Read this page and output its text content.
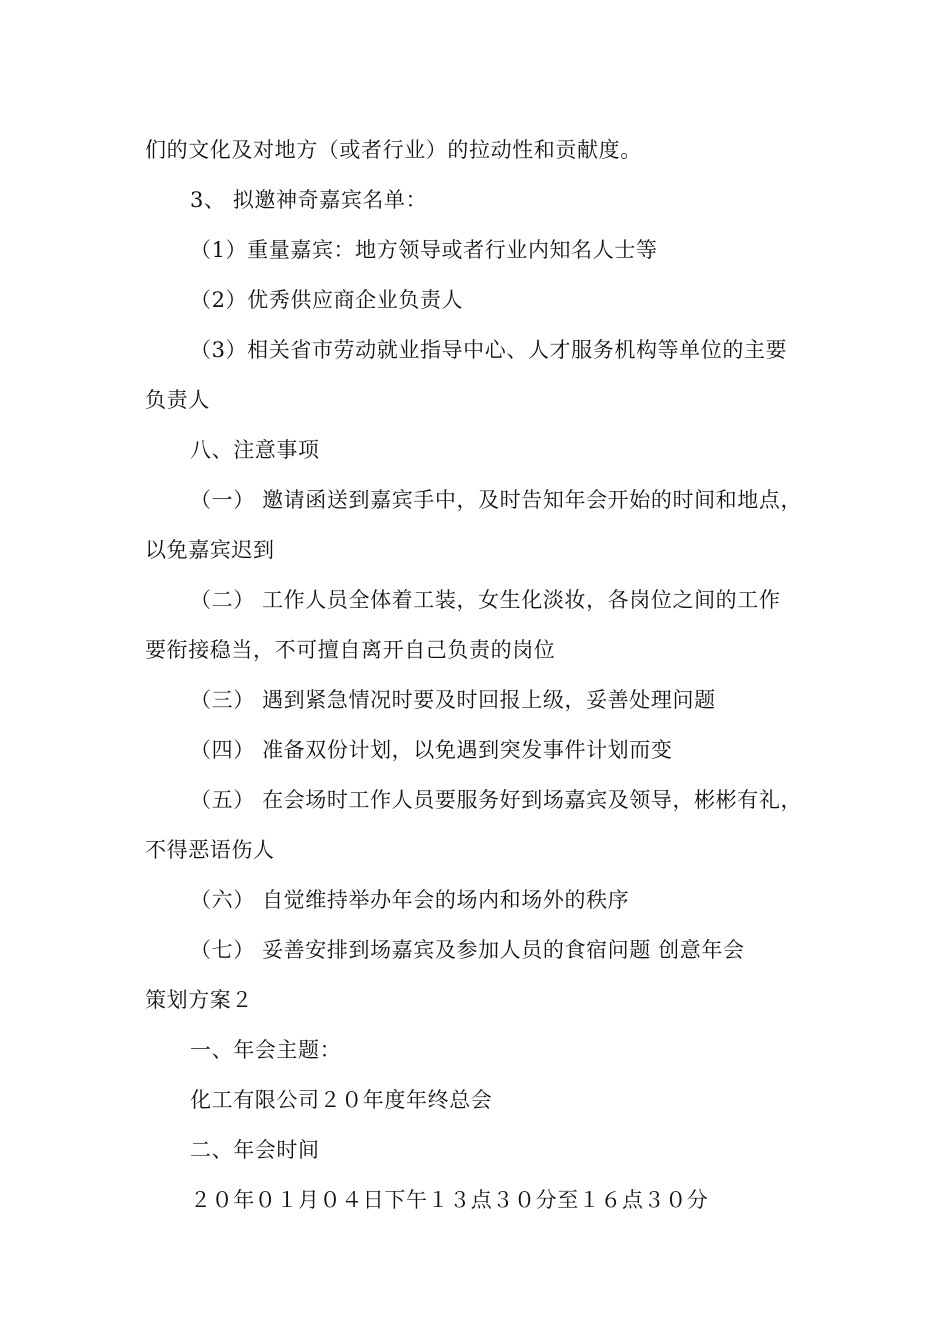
们的文化及对地方（或者行业）的拉动性和贡献度。
3、 拟邀神奇嘉宾名单：
（1）重量嘉宾：地方领导或者行业内知名人士等
（2）优秀供应商企业负责人
（3）相关省市劳动就业指导中心、人才服务机构等单位的主要
负责人
八、注意事项
（一） 邀请函送到嘉宾手中，及时告知年会开始的时间和地点，
以免嘉宾迟到
（二） 工作人员全体着工装，女生化淡妆，各岗位之间的工作
要衔接稳当，不可擅自离开自己负责的岗位
（三） 遇到紧急情况时要及时回报上级，妥善处理问题
（四） 准备双份计划，以免遇到突发事件计划而变
（五） 在会场时工作人员要服务好到场嘉宾及领导，彬彬有礼，
不得恶语伤人
（六） 自觉维持举办年会的场内和场外的秩序
（七） 妥善安排到场嘉宾及参加人员的食宿问题 创意年会
策划方案２
一、年会主题：
化工有限公司２０年度年终总会
二、年会时间
２０年０１月０４日下午１３点３０分至１６点３０分
